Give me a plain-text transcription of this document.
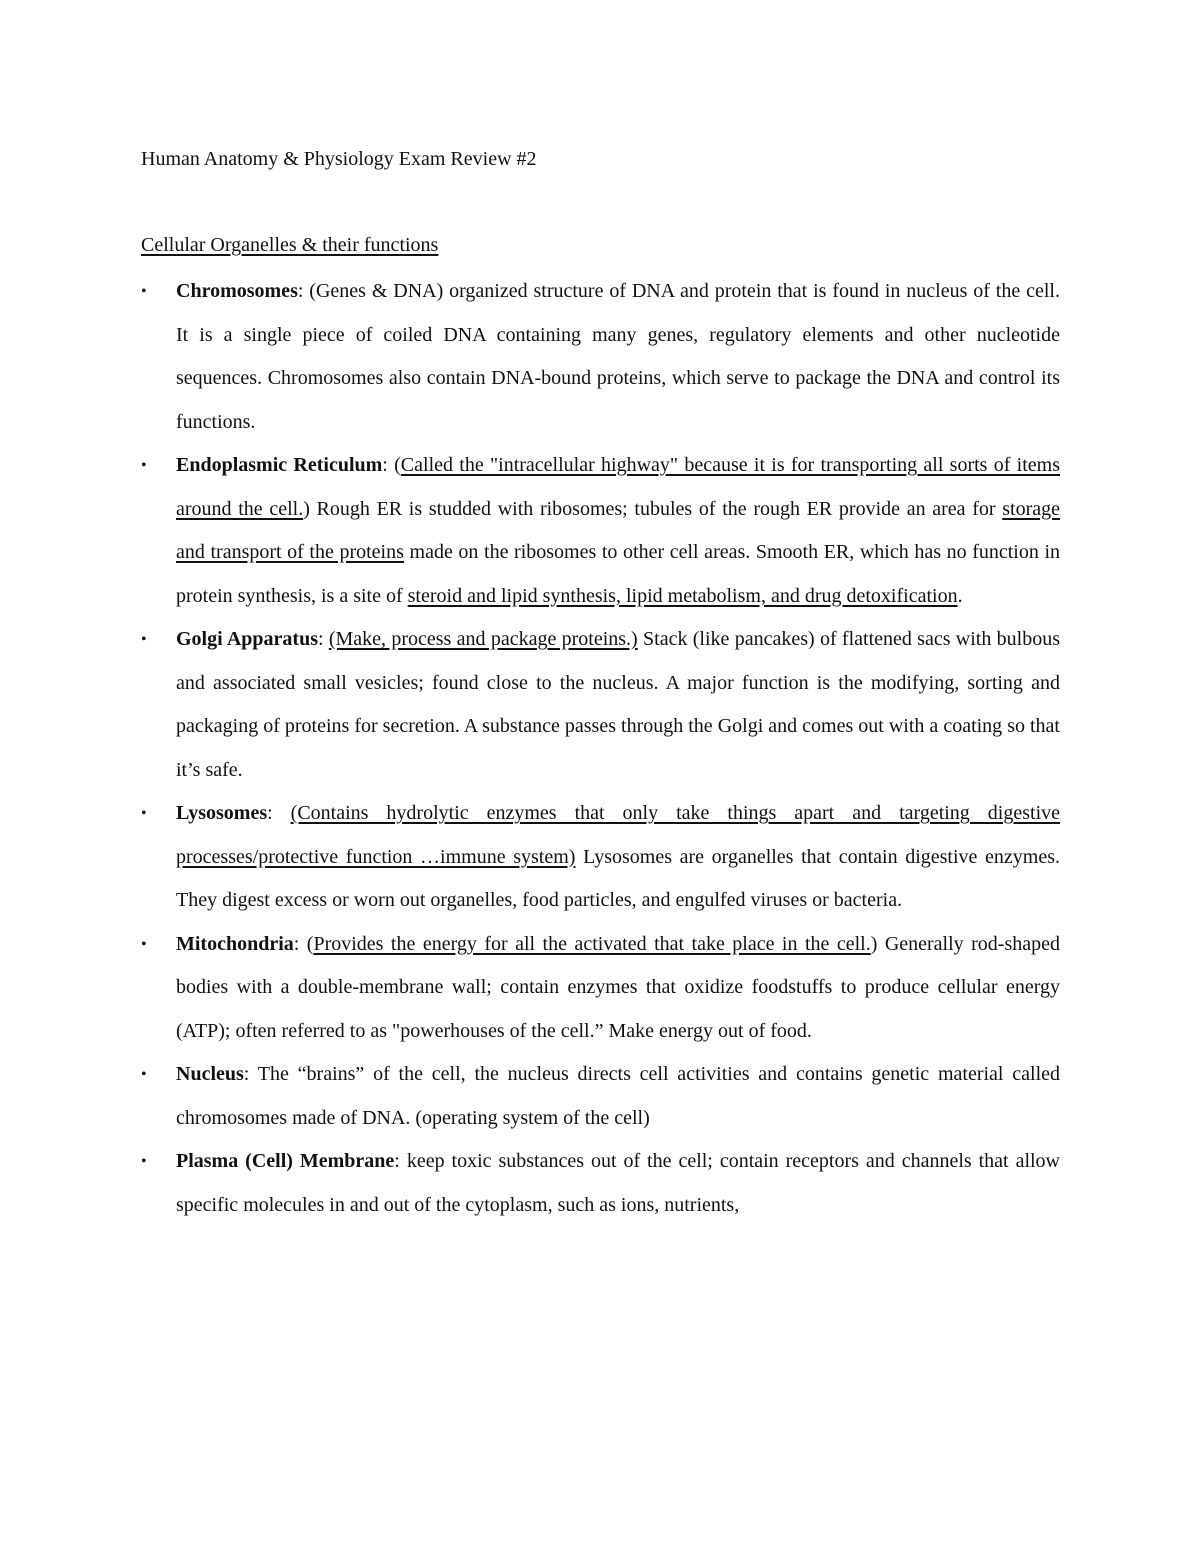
Human Anatomy & Physiology Exam Review #2
Cellular Organelles & their functions
• Chromosomes: (Genes & DNA) organized structure of DNA and protein that is found in nucleus of the cell. It is a single piece of coiled DNA containing many genes, regulatory elements and other nucleotide sequences. Chromosomes also contain DNA-bound proteins, which serve to package the DNA and control its functions.
• Endoplasmic Reticulum: (Called the "intracellular highway" because it is for transporting all sorts of items around the cell.) Rough ER is studded with ribosomes; tubules of the rough ER provide an area for storage and transport of the proteins made on the ribosomes to other cell areas. Smooth ER, which has no function in protein synthesis, is a site of steroid and lipid synthesis, lipid metabolism, and drug detoxification.
• Golgi Apparatus: (Make, process and package proteins.) Stack (like pancakes) of flattened sacs with bulbous and associated small vesicles; found close to the nucleus. A major function is the modifying, sorting and packaging of proteins for secretion. A substance passes through the Golgi and comes out with a coating so that it’s safe.
• Lysosomes: (Contains hydrolytic enzymes that only take things apart and targeting digestive processes/protective function …immune system) Lysosomes are organelles that contain digestive enzymes. They digest excess or worn out organelles, food particles, and engulfed viruses or bacteria.
• Mitochondria: (Provides the energy for all the activated that take place in the cell.) Generally rod-shaped bodies with a double-membrane wall; contain enzymes that oxidize foodstuffs to produce cellular energy (ATP); often referred to as "powerhouses of the cell.” Make energy out of food.
• Nucleus: The “brains” of the cell, the nucleus directs cell activities and contains genetic material called chromosomes made of DNA. (operating system of the cell)
• Plasma (Cell) Membrane: keep toxic substances out of the cell; contain receptors and channels that allow specific molecules in and out of the cytoplasm, such as ions, nutrients,
